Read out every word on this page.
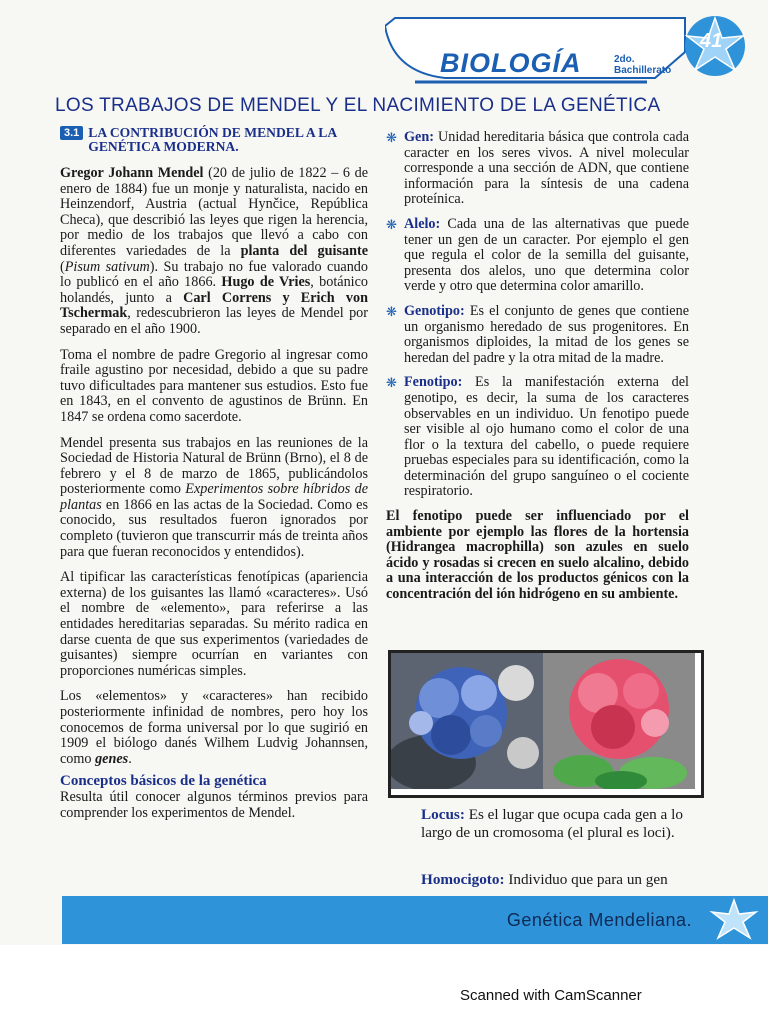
BIOLOGÍA	2do.
Bachillerato
41
LOS TRABAJOS DE MENDEL Y EL NACIMIENTO DE LA GENÉTICA
3.1 LA CONTRIBUCIÓN DE MENDEL A LA GENÉTICA MODERNA.

Gregor Johann Mendel (20 de julio de 1822 – 6 de enero de 1884) fue un monje y naturalista, nacido en Heinzendorf, Austria (actual Hynčice, República Checa), que describió las leyes que rigen la herencia, por medio de los trabajos que llevó a cabo con diferentes variedades de la planta del guisante (Pisum sativum). Su trabajo no fue valorado cuando lo publicó en el año 1866. Hugo de Vries, botánico holandés, junto a Carl Correns y Erich von Tschermak, redescubrieron las leyes de Mendel por separado en el año 1900.

Toma el nombre de padre Gregorio al ingresar como fraile agustino por necesidad, debido a que su padre tuvo dificultades para mantener sus estudios. Esto fue en 1843, en el convento de agustinos de Brünn. En 1847 se ordena como sacerdote.

Mendel presenta sus trabajos en las reuniones de la Sociedad de Historia Natural de Brünn (Brno), el 8 de febrero y el 8 de marzo de 1865, publicándolos posteriormente como Experimentos sobre híbridos de plantas en 1866 en las actas de la Sociedad. Como es conocido, sus resultados fueron ignorados por completo (tuvieron que transcurrir más de treinta años para que fueran reconocidos y entendidos).

Al tipificar las características fenotípicas (apariencia externa) de los guisantes las llamó «caracteres». Usó el nombre de «elemento», para referirse a las entidades hereditarias separadas. Su mérito radica en darse cuenta de que sus experimentos (variedades de guisantes) siempre ocurrían en variantes con proporciones numéricas simples.

Los «elementos» y «caracteres» han recibido posteriormente infinidad de nombres, pero hoy los conocemos de forma universal por lo que sugirió en 1909 el biólogo danés Wilhem Ludvig Johannsen, como genes.

Conceptos básicos de la genética

Resulta útil conocer algunos términos previos para comprender los experimentos de Mendel.

❋ Gen: Unidad hereditaria básica que controla cada caracter en los seres vivos. A nivel molecular corresponde a una sección de ADN, que contiene información para la síntesis de una cadena proteínica.

❋ Alelo: Cada una de las alternativas que puede tener un gen de un caracter. Por ejemplo el gen que regula el color de la semilla del guisante, presenta dos alelos, uno que determina color verde y otro que determina color amarillo.

❋ Genotipo: Es el conjunto de genes que contiene un organismo heredado de sus progenitores. En organismos diploides, la mitad de los genes se heredan del padre y la otra mitad de la madre.

❋ Fenotipo: Es la manifestación externa del genotipo, es decir, la suma de los caracteres observables en un individuo. Un fenotipo puede ser visible al ojo humano como el color de una flor o la textura del cabello, o puede requiere pruebas especiales para su identificación, como la determinación del grupo sanguíneo o el cociente respiratorio.

El fenotipo puede ser influenciado por el ambiente por ejemplo las flores de la hortensia (Hidrangea macrophilla) son azules en suelo ácido y rosadas si crecen en suelo alcalino, debido a una interacción de los productos génicos con la concentración del ión hidrógeno en su ambiente.

Locus: Es el lugar que ocupa cada gen a lo largo de un cromosoma (el plural es loci).

Homocigoto: Individuo que para un gen

Genética Mendeliana.
Scanned with CamScanner
